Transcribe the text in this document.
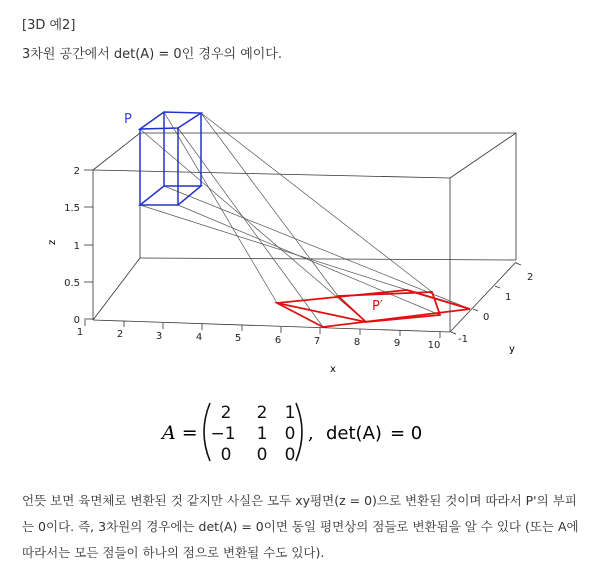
[3D 예2]
3차원 공간에서 det(A) = 0인 경우의 예이다.
2
1.5
1
0.5
0
z
1	2	3	4	5	6	7	8	9	10
x
-1
0
1
2
y
P
P′
A =
2 2 1
−1 1 0
0 0 0
, det(A) = 0

언뜻 보면 육면체로 변환된 것 같지만 사실은 모두 xy평면(z = 0)으로 변환된 것이며 따라서 P'의 부피

는 0이다. 즉, 3차원의 경우에는 det(A) = 0이면 동일 평면상의 점들로 변환됨을 알 수 있다 (또는 A에

따라서는 모든 점들이 하나의 점으로 변환될 수도 있다).
